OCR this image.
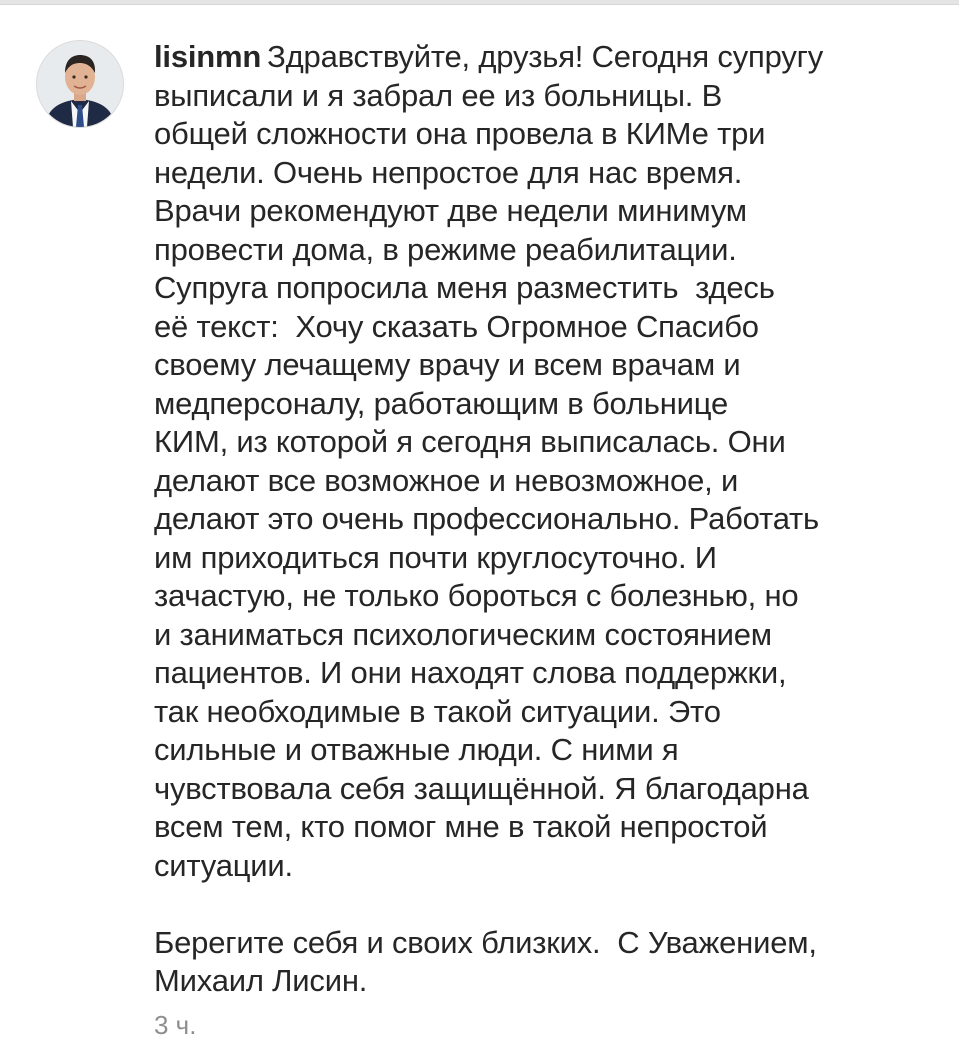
lisinmn Здравствуйте, друзья! Сегодня супругу
выписали и я забрал ее из больницы. В
общей сложности она провела в КИМе три
недели. Очень непростое для нас время.
Врачи рекомендуют две недели минимум
провести дома, в режиме реабилитации.
Супруга попросила меня разместить  здесь
её текст:  Хочу сказать Огромное Спасибо
своему лечащему врачу и всем врачам и
медперсоналу, работающим в больнице
КИМ, из которой я сегодня выписалась. Они
делают все возможное и невозможное, и
делают это очень профессионально. Работать
им приходиться почти круглосуточно. И
зачастую, не только бороться с болезнью, но
и заниматься психологическим состоянием
пациентов. И они находят слова поддержки,
так необходимые в такой ситуации. Это
сильные и отважные люди. С ними я
чувствовала себя защищённой. Я благодарна
всем тем, кто помог мне в такой непростой
ситуации.

Берегите себя и своих близких.  С Уважением,
Михаил Лисин.

3 ч.
